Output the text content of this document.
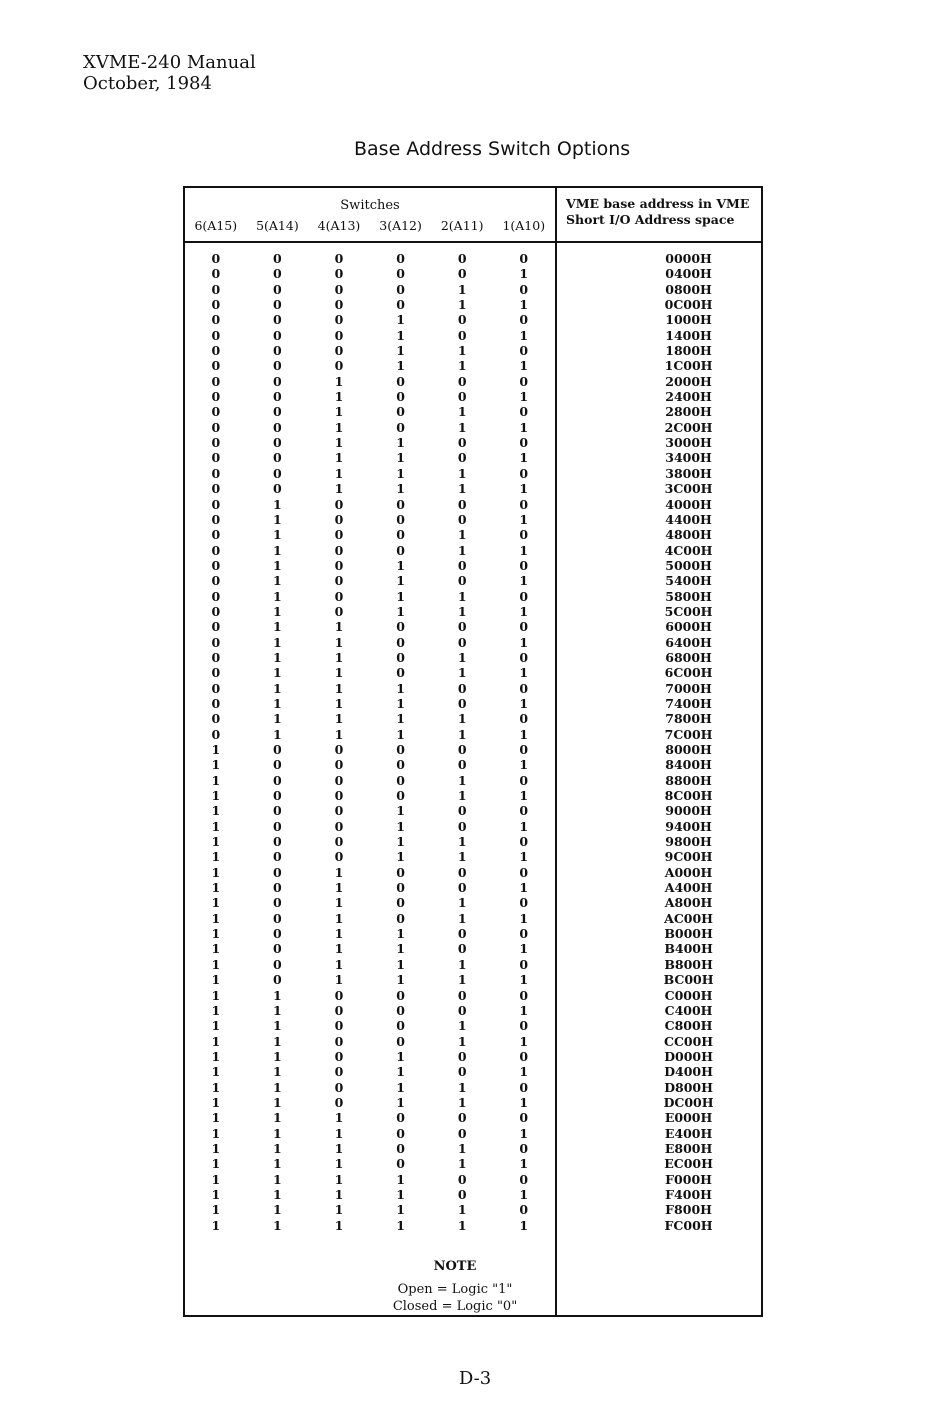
XVME-240 Manual
October, 1984
Base Address Switch Options
Switches
6(A15)	5(A14)	4(A13)	3(A12)	2(A11)	1(A10)
VME base address in VME Short I/O Address space
0	0	0	0	0	0	0000H
0	0	0	0	0	1	0400H
0	0	0	0	1	0	0800H
0	0	0	0	1	1	0C00H
0	0	0	1	0	0	1000H
0	0	0	1	0	1	1400H
0	0	0	1	1	0	1800H
0	0	0	1	1	1	1C00H
0	0	1	0	0	0	2000H
0	0	1	0	0	1	2400H
0	0	1	0	1	0	2800H
0	0	1	0	1	1	2C00H
0	0	1	1	0	0	3000H
0	0	1	1	0	1	3400H
0	0	1	1	1	0	3800H
0	0	1	1	1	1	3C00H
0	1	0	0	0	0	4000H
0	1	0	0	0	1	4400H
0	1	0	0	1	0	4800H
0	1	0	0	1	1	4C00H
0	1	0	1	0	0	5000H
0	1	0	1	0	1	5400H
0	1	0	1	1	0	5800H
0	1	0	1	1	1	5C00H
0	1	1	0	0	0	6000H
0	1	1	0	0	1	6400H
0	1	1	0	1	0	6800H
0	1	1	0	1	1	6C00H
0	1	1	1	0	0	7000H
0	1	1	1	0	1	7400H
0	1	1	1	1	0	7800H
0	1	1	1	1	1	7C00H
1	0	0	0	0	0	8000H
1	0	0	0	0	1	8400H
1	0	0	0	1	0	8800H
1	0	0	0	1	1	8C00H
1	0	0	1	0	0	9000H
1	0	0	1	0	1	9400H
1	0	0	1	1	0	9800H
1	0	0	1	1	1	9C00H
1	0	1	0	0	0	A000H
1	0	1	0	0	1	A400H
1	0	1	0	1	0	A800H
1	0	1	0	1	1	AC00H
1	0	1	1	0	0	B000H
1	0	1	1	0	1	B400H
1	0	1	1	1	0	B800H
1	0	1	1	1	1	BC00H
1	1	0	0	0	0	C000H
1	1	0	0	0	1	C400H
1	1	0	0	1	0	C800H
1	1	0	0	1	1	CC00H
1	1	0	1	0	0	D000H
1	1	0	1	0	1	D400H
1	1	0	1	1	0	D800H
1	1	0	1	1	1	DC00H
1	1	1	0	0	0	E000H
1	1	1	0	0	1	E400H
1	1	1	0	1	0	E800H
1	1	1	0	1	1	EC00H
1	1	1	1	0	0	F000H
1	1	1	1	0	1	F400H
1	1	1	1	1	0	F800H
1	1	1	1	1	1	FC00H
NOTE
Open = Logic "1"
Closed = Logic "0"
D-3
